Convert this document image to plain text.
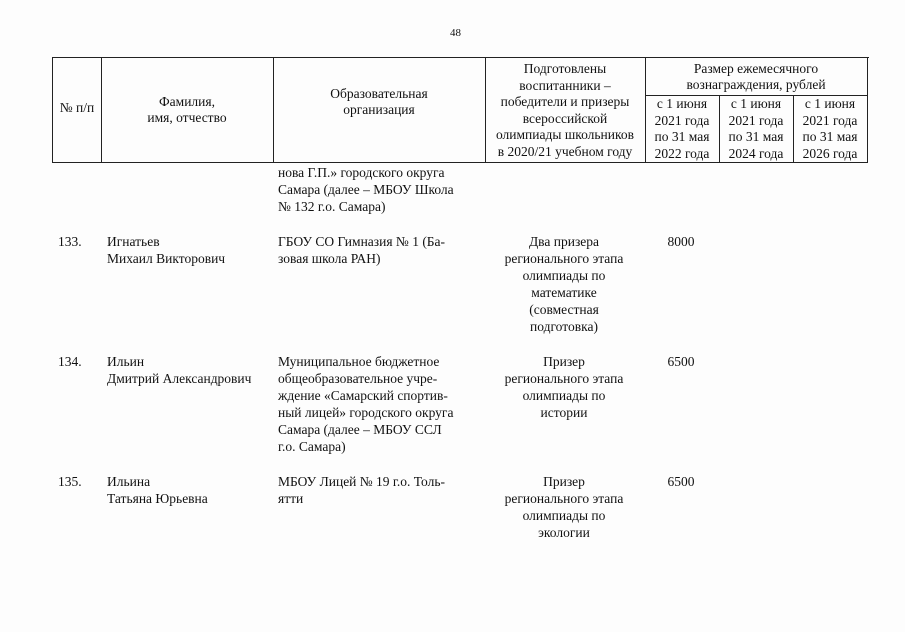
48
№ п/п	Фамилия,
имя, отчество
Образовательная
организация
Подготовлены
воспитанники –
победители и призеры
всероссийской
олимпиады школьников
в 2020/21 учебном году
Размер ежемесячного
вознаграждения, рублей
с 1 июня
2021 года
по 31 мая
2022 года
с 1 июня
2021 года
по 31 мая
2024 года
с 1 июня
2021 года
по 31 мая
2026 года
нова Г.П.» городского округа
Самара (далее – МБОУ Школа
№ 132 г.о. Самара)
133. Игнатьев
Михаил Викторович
ГБОУ СО Гимназия № 1 (Ба-
зовая школа РАН)
Два призера
регионального этапа
олимпиады по
математике
(совместная
подготовка)
8000
134. Ильин
Дмитрий Александрович
Муниципальное бюджетное
общеобразовательное учре-
ждение «Самарский спортив-
ный лицей» городского округа
Самара (далее – МБОУ ССЛ
г.о. Самара)
Призер
регионального этапа
олимпиады по
истории
6500
135. Ильина
Татьяна Юрьевна
МБОУ Лицей № 19 г.о. Толь-
ятти
Призер
регионального этапа
олимпиады по
экологии
6500
